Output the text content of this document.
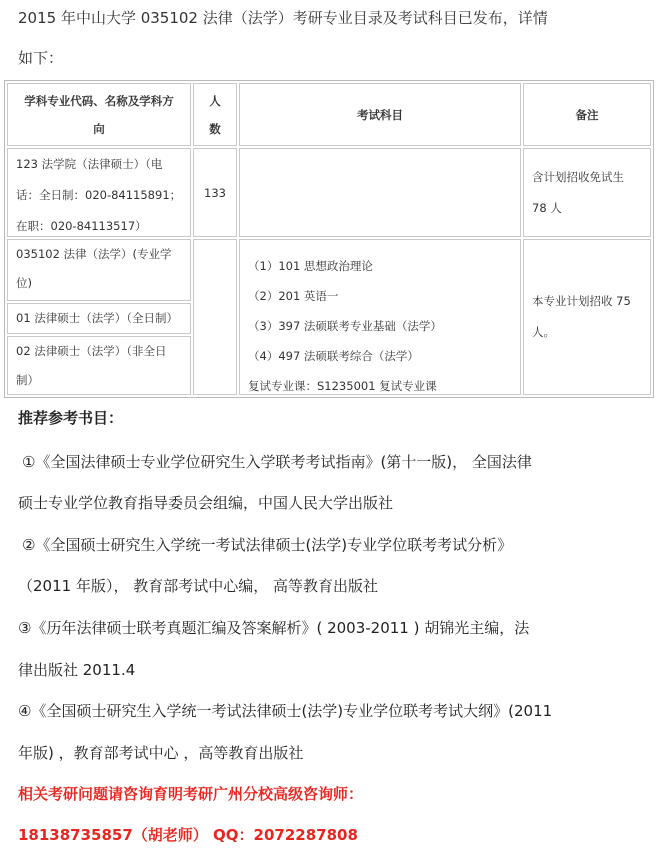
2015 年中山大学 035102 法律（法学）考研专业目录及考试科目已发布，详情
如下：
学科专业代码、名称及学科方
向
人
数
考试科目	备注
123 法学院（法律硕士）（电
话：全日制：020-84115891；
在职：020-84113517）
133
含计划招收免试生
78 人
035102 法律（法学）(专业学
位)
01 法律硕士（法学）（全日制）
02 法律硕士（法学）（非全日
制）
（1）101 思想政治理论
（2）201 英语一
（3）397 法硕联考专业基础（法学）
（4）497 法硕联考综合（法学）
复试专业课：S1235001 复试专业课
本专业计划招收 75
人。
推荐参考书目：
①《全国法律硕士专业学位研究生入学联考考试指南》(第十一版)， 全国法律
硕士专业学位教育指导委员会组编，中国人民大学出版社
②《全国硕士研究生入学统一考试法律硕士(法学)专业学位联考考试分析》
（2011 年版）， 教育部考试中心编， 高等教育出版社
③《历年法律硕士联考真题汇编及答案解析》( 2003-2011 ) 胡锦光主编，法
律出版社 2011.4
④《全国硕士研究生入学统一考试法律硕士(法学)专业学位联考考试大纲》(2011
年版) ，教育部考试中心 ，高等教育出版社
相关考研问题请咨询育明考研广州分校高级咨询师：
18138735857（胡老师） QQ：2072287808
